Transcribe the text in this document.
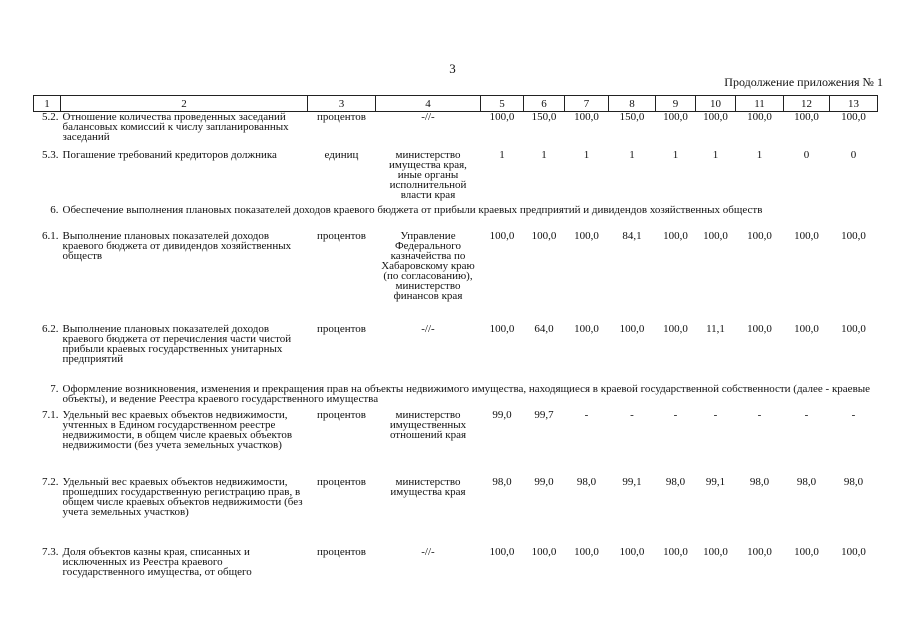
3
Продолжение приложения № 1
1	2	3	4	5	6	7	8	9	10	11	12	13
5.2.	Отношение количества проведенных заседаний балансовых комиссий к числу запланированных заседаний	процентов	-//-	100,0	150,0	100,0	150,0	100,0	100,0	100,0	100,0	100,0
5.3.	Погашение требований кредиторов должника	единиц	министерство имущества края, иные органы исполнительной власти края	1	1	1	1	1	1	1	0	0
6.	Обеспечение выполнения плановых показателей доходов краевого бюджета от прибыли краевых предприятий и дивидендов хозяйственных обществ											
6.1.	Выполнение плановых показателей доходов краевого бюджета от дивидендов хозяйственных обществ	процентов	Управление Федерального казначейства по Хабаровскому краю (по согласованию), министерство финансов края	100,0	100,0	100,0	84,1	100,0	100,0	100,0	100,0	100,0
6.2.	Выполнение плановых показателей доходов краевого бюджета от перечисления части чистой прибыли краевых государственных унитарных предприятий	процентов	-//-	100,0	64,0	100,0	100,0	100,0	11,1	100,0	100,0	100,0
7.	Оформление возникновения, изменения и прекращения прав на объекты недвижимого имущества, находящиеся в краевой государственной собственности (далее - краевые объекты), и ведение Реестра краевого государственного имущества											
7.1.	Удельный вес краевых объектов недвижимости, учтенных в Едином государственном реестре недвижимости, в общем числе краевых объектов недвижимости (без учета земельных участков)	процентов	министерство имущественных отношений края	99,0	99,7	-	-	-	-	-	-	-
7.2.	Удельный вес краевых объектов недвижимости, прошедших государственную регистрацию прав, в общем числе краевых объектов недвижимости (без учета земельных участков)	процентов	министерство имущества края	98,0	99,0	98,0	99,1	98,0	99,1	98,0	98,0	98,0
7.3.	Доля объектов казны края, списанных и исключенных из Реестра краевого государственного имущества, от общего	процентов	-//-	100,0	100,0	100,0	100,0	100,0	100,0	100,0	100,0	100,0
